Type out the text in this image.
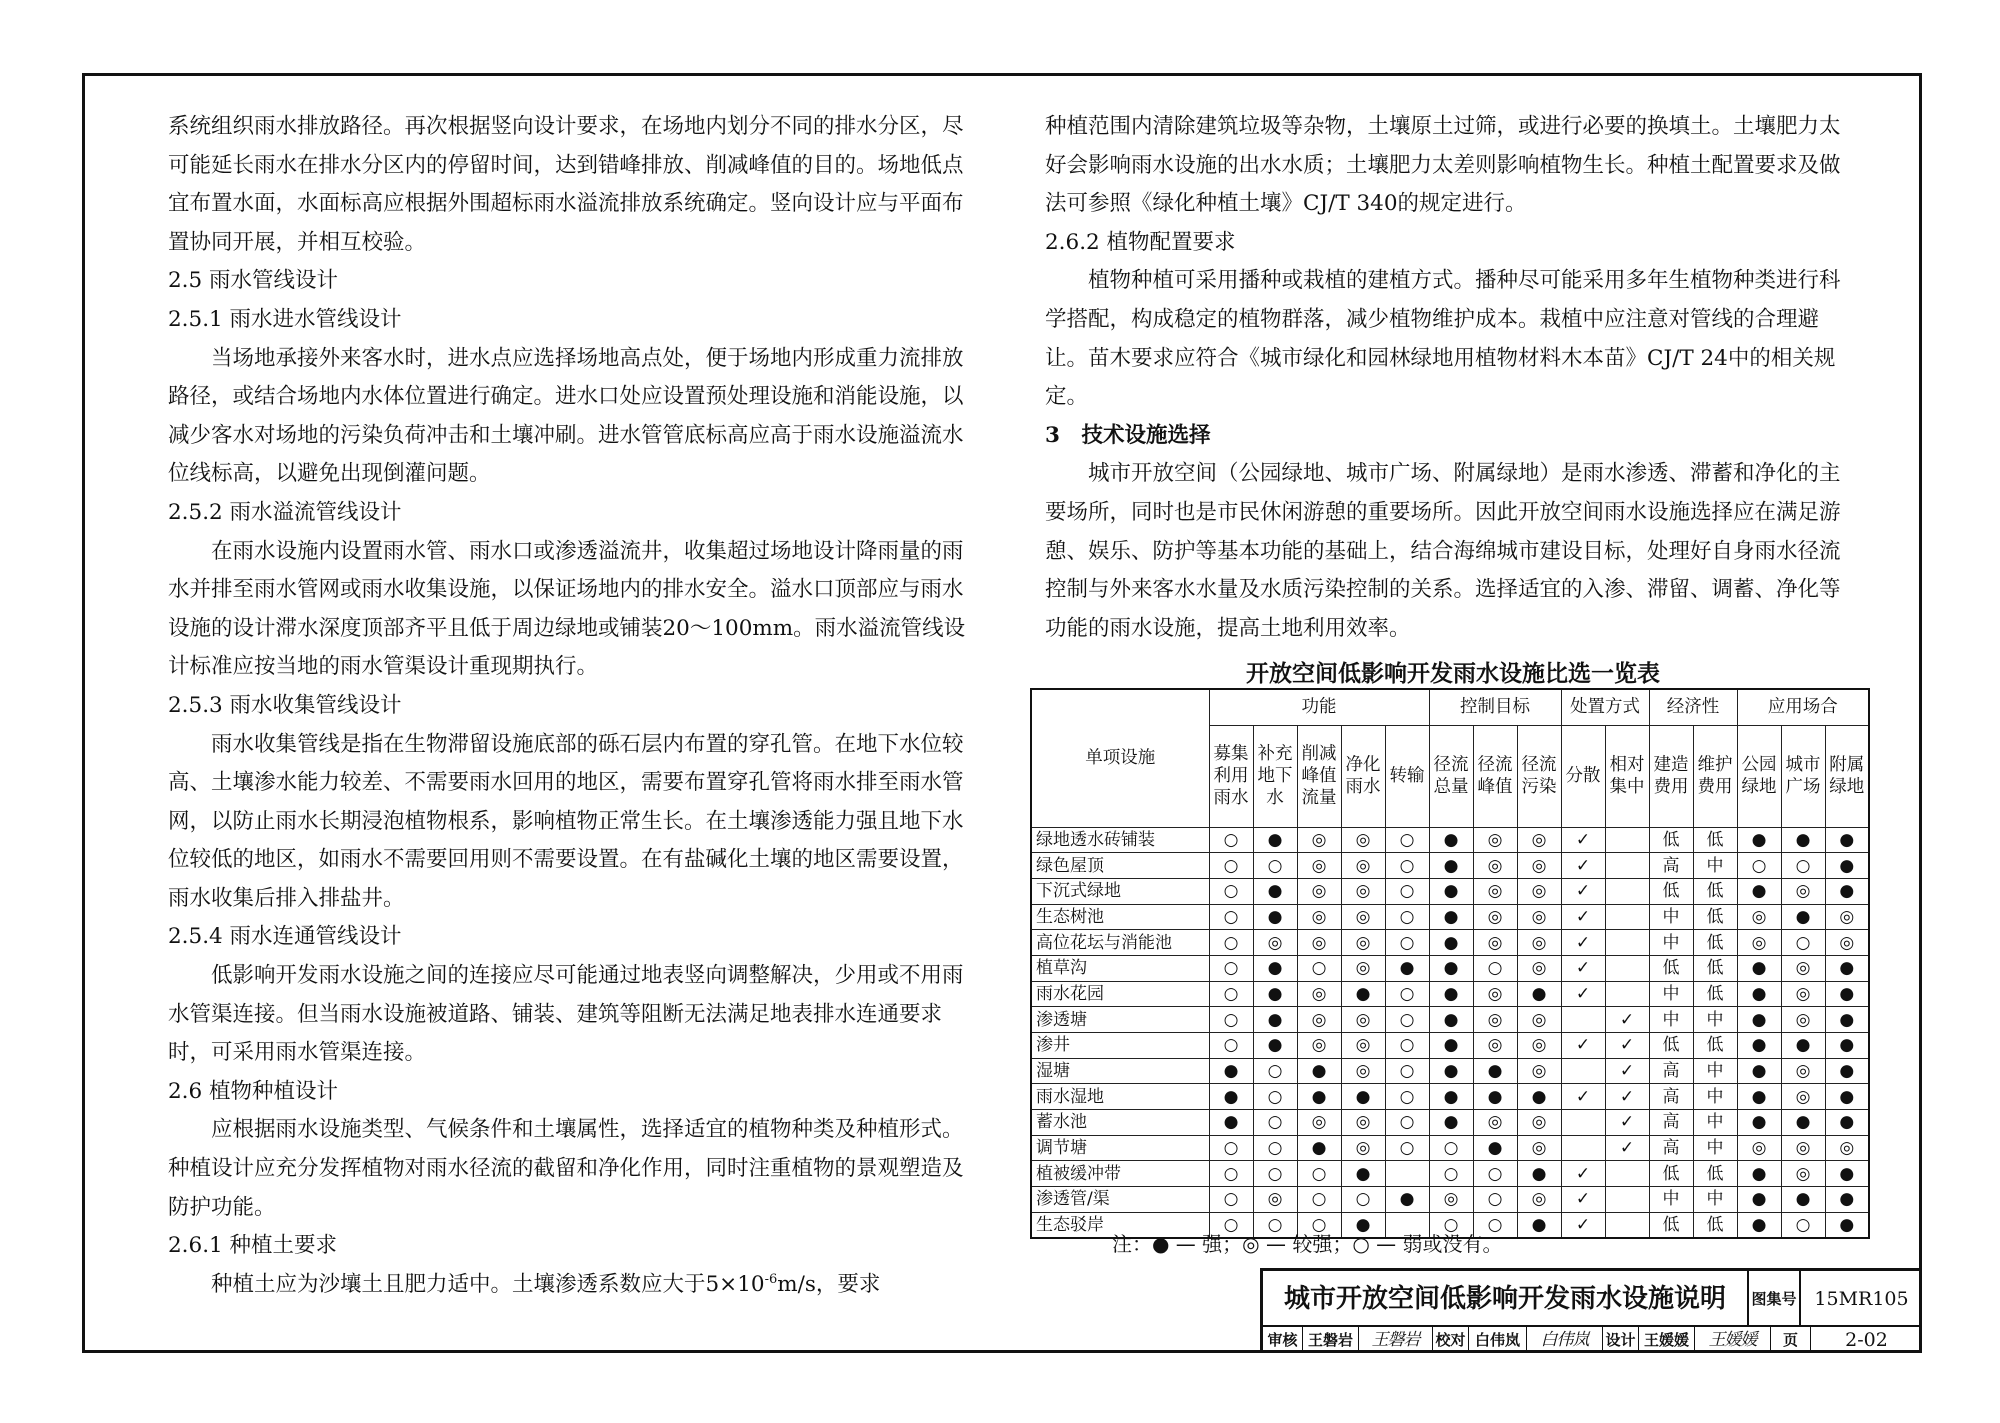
系统组织雨水排放路径。再次根据竖向设计要求，在场地内划分不同的排水分区，尽可能延长雨水在排水分区内的停留时间，达到错峰排放、削减峰值的目的。场地低点宜布置水面，水面标高应根据外围超标雨水溢流排放系统确定。竖向设计应与平面布置协同开展，并相互校验。

2.5 雨水管线设计

2.5.1 雨水进水管线设计

当场地承接外来客水时，进水点应选择场地高点处，便于场地内形成重力流排放路径，或结合场地内水体位置进行确定。进水口处应设置预处理设施和消能设施，以减少客水对场地的污染负荷冲击和土壤冲刷。进水管管底标高应高于雨水设施溢流水位线标高，以避免出现倒灌问题。

2.5.2 雨水溢流管线设计

在雨水设施内设置雨水管、雨水口或渗透溢流井，收集超过场地设计降雨量的雨水并排至雨水管网或雨水收集设施，以保证场地内的排水安全。溢水口顶部应与雨水设施的设计滞水深度顶部齐平且低于周边绿地或铺装20～100mm。雨水溢流管线设计标准应按当地的雨水管渠设计重现期执行。

2.5.3 雨水收集管线设计

雨水收集管线是指在生物滞留设施底部的砾石层内布置的穿孔管。在地下水位较高、土壤渗水能力较差、不需要雨水回用的地区，需要布置穿孔管将雨水排至雨水管网，以防止雨水长期浸泡植物根系，影响植物正常生长。在土壤渗透能力强且地下水位较低的地区，如雨水不需要回用则不需要设置。在有盐碱化土壤的地区需要设置，雨水收集后排入排盐井。

2.5.4 雨水连通管线设计

低影响开发雨水设施之间的连接应尽可能通过地表竖向调整解决，少用或不用雨水管渠连接。但当雨水设施被道路、铺装、建筑等阻断无法满足地表排水连通要求时，可采用雨水管渠连接。

2.6 植物种植设计

应根据雨水设施类型、气候条件和土壤属性，选择适宜的植物种类及种植形式。种植设计应充分发挥植物对雨水径流的截留和净化作用，同时注重植物的景观塑造及防护功能。

2.6.1 种植土要求

种植土应为沙壤土且肥力适中。土壤渗透系数应大于$5\times 10^{-6}m/s$，要求

种植范围内清除建筑垃圾等杂物，土壤原土过筛，或进行必要的换填土。土壤肥力太好会影响雨水设施的出水水质；土壤肥力太差则影响植物生长。种植土配置要求及做法可参照《绿化种植土壤》CJ/T 340的规定进行。

2.6.2 植物配置要求

植物种植可采用播种或栽植的建植方式。播种尽可能采用多年生植物种类进行科学搭配，构成稳定的植物群落，减少植物维护成本。栽植中应注意对管线的合理避让。苗木要求应符合《城市绿化和园林绿地用植物材料木本苗》CJ/T 24中的相关规定。

3　技术设施选择

城市开放空间（公园绿地、城市广场、附属绿地）是雨水渗透、滞蓄和净化的主要场所，同时也是市民休闲游憩的重要场所。因此开放空间雨水设施选择应在满足游憩、娱乐、防护等基本功能的基础上，结合海绵城市建设目标，处理好自身雨水径流控制与外来客水水量及水质污染控制的关系。选择适宜的入渗、滞留、调蓄、净化等功能的雨水设施，提高土地利用效率。

开放空间低影响开发雨水设施比选一览表
单项设施	功能					控制目标			处置方式		经济性		应用场合		
	募集利用雨水	补充地下水	削减峰值流量	净化雨水	转输	径流总量	径流峰值	径流污染	分散	相对集中	建造费用	维护费用	公园绿地	城市广场	附属绿地
绿地透水砖铺装	○	●	◎	◎	○	●	◎	◎	✓		低	低	●	●	●
绿色屋顶	○	○	◎	◎	○	●	◎	◎	✓		高	中	○	○	●
下沉式绿地	○	●	◎	◎	○	●	◎	◎	✓		低	低	●	◎	●
生态树池	○	●	◎	◎	○	●	◎	◎	✓		中	低	◎	●	◎
高位花坛与消能池	○	◎	◎	◎	○	●	◎	◎	✓		中	低	◎	○	◎
植草沟	○	●	○	◎	●	●	○	◎	✓		低	低	●	◎	●
雨水花园	○	●	◎	●	○	●	◎	●	✓		中	低	●	◎	●
渗透塘	○	●	◎	◎	○	●	◎	◎		✓	中	中	●	◎	●
渗井	○	●	◎	◎	○	●	◎	◎	✓	✓	低	低	●	●	●
湿塘	●	○	●	◎	○	●	●	◎		✓	高	中	●	◎	●
雨水湿地	●	○	●	●	○	●	●	●	✓	✓	高	中	●	◎	●
蓄水池	●	○	◎	◎	○	●	◎	◎		✓	高	中	●	●	●
调节塘	○	○	●	◎	○	○	●	◎		✓	高	中	◎	◎	◎
植被缓冲带	○	○	○	●		○	○	●	✓		低	低	●	◎	●
渗透管/渠	○	◎	○	○	●	◎	○	◎	✓		中	中	●	●	●
生态驳岸	○	○	○	●		○	○	●	✓		低	低	●	○	●
注：● — 强；◎ — 较强；○ — 弱或没有。
城市开放空间低影响开发雨水设施说明	图集号 15MR105
审核 王磐岩	王磐岩	校对 白伟岚	白伟岚	设计 王媛媛	王媛媛	页	2-02
